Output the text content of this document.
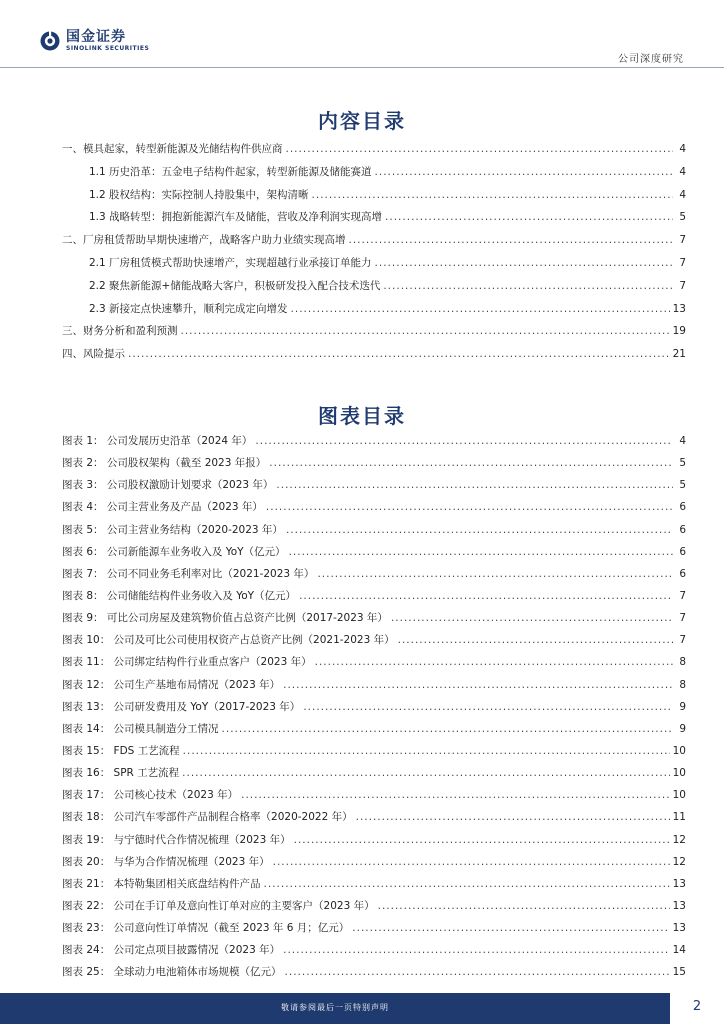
国金证券
SINOLINK SECURITIES
公司深度研究
内容目录
一、模具起家，转型新能源及光储结构件供应商 .....	4
1.1 历史沿革：五金电子结构件起家，转型新能源及储能赛道 .....	4
1.2 股权结构：实际控制人持股集中，架构清晰 .....	4
1.3 战略转型：拥抱新能源汽车及储能，营收及净利润实现高增 .....	5
二、厂房租赁帮助早期快速增产，战略客户助力业绩实现高增 .....	7
2.1 厂房租赁模式帮助快速增产，实现超越行业承接订单能力 .....	7
2.2 聚焦新能源+储能战略大客户，积极研发投入配合技术迭代 .....	7
2.3 新接定点快速攀升，顺利完成定向增发 .....	13
三、财务分析和盈利预测 .....	19
四、风险提示 .....	21
图表目录
图表 1： 公司发展历史沿革（2024 年） .....	4
图表 2： 公司股权架构（截至 2023 年报） .....	5
图表 3： 公司股权激励计划要求（2023 年） .....	5
图表 4： 公司主营业务及产品（2023 年） .....	6
图表 5： 公司主营业务结构（2020-2023 年） .....	6
图表 6： 公司新能源车业务收入及 YoY（亿元） .....	6
图表 7： 公司不同业务毛利率对比（2021-2023 年） .....	6
图表 8： 公司储能结构件业务收入及 YoY（亿元） .....	7
图表 9： 可比公司房屋及建筑物价值占总资产比例（2017-2023 年） .....	7
图表 10： 公司及可比公司使用权资产占总资产比例（2021-2023 年） .....	7
图表 11： 公司绑定结构件行业重点客户（2023 年） .....	8
图表 12： 公司生产基地布局情况（2023 年） .....	8
图表 13： 公司研发费用及 YoY（2017-2023 年） .....	9
图表 14： 公司模具制造分工情况 .....	9
图表 15： FDS 工艺流程 .....	10
图表 16： SPR 工艺流程 .....	10
图表 17： 公司核心技术（2023 年） .....	10
图表 18： 公司汽车零部件产品制程合格率（2020-2022 年） .....	11
图表 19： 与宁德时代合作情况梳理（2023 年） .....	12
图表 20： 与华为合作情况梳理（2023 年） .....	12
图表 21： 本特勒集团相关底盘结构件产品 .....	13
图表 22： 公司在手订单及意向性订单对应的主要客户（2023 年） .....	13
图表 23： 公司意向性订单情况（截至 2023 年 6 月；亿元） .....	13
图表 24： 公司定点项目披露情况（2023 年） .....	14
图表 25： 全球动力电池箱体市场规模（亿元） .....	15
敬请参阅最后一页特别声明	2
